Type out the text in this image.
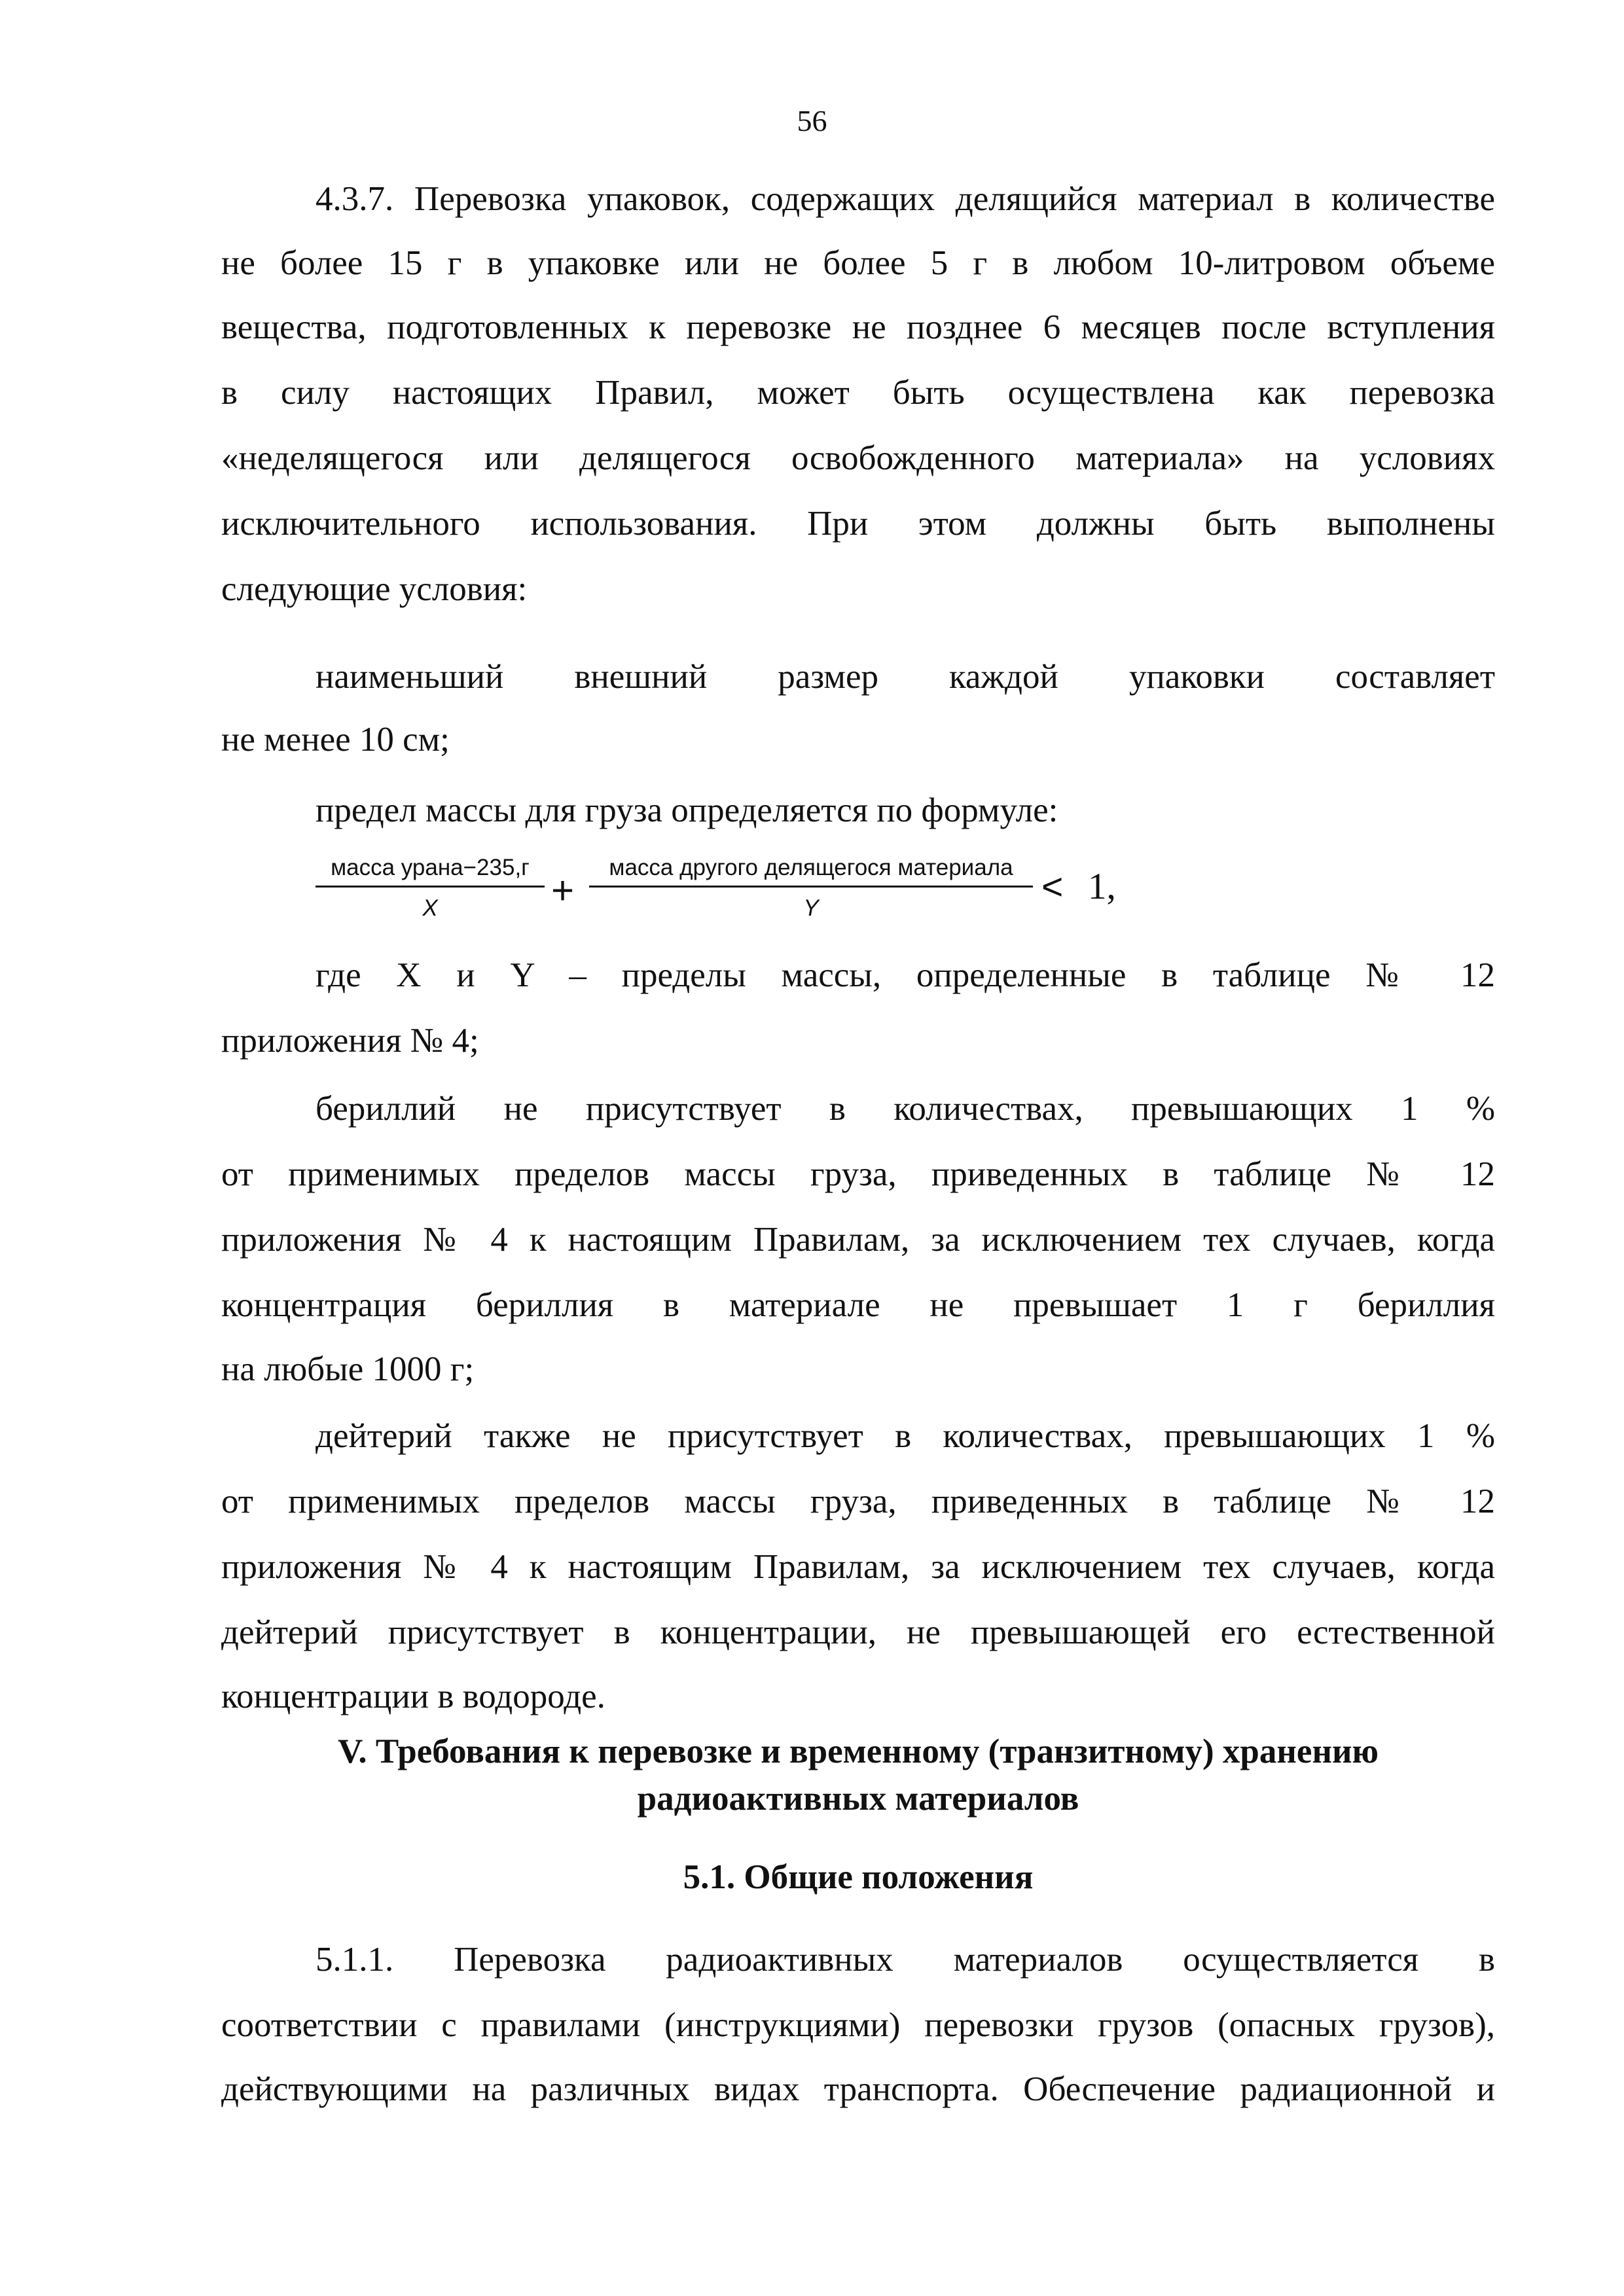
56
4.3.7. Перевозка упаковок, содержащих делящийся материал в количестве
не более 15 г в упаковке или не более 5 г в любом 10-литровом объеме
вещества, подготовленных к перевозке не позднее 6 месяцев после вступления
в силу настоящих Правил, может быть осуществлена как перевозка
«неделящегося или делящегося освобожденного материала» на условиях
исключительного использования. При этом должны быть выполнены
следующие условия:
наименьший внешний размер каждой упаковки составляет
не менее 10 см;
предел массы для груза определяется по формуле:
масса урана−235,г
X	+
масса другого делящегося материала
Y
< 1,
где X и Y – пределы массы, определенные в таблице № 12
приложения № 4;
бериллий не присутствует в количествах, превышающих 1 %
от применимых пределов массы груза, приведенных в таблице № 12
приложения № 4 к настоящим Правилам, за исключением тех случаев, когда
концентрация бериллия в материале не превышает 1 г бериллия
на любые 1000 г;
дейтерий также не присутствует в количествах, превышающих 1 %
от применимых пределов массы груза, приведенных в таблице № 12
приложения № 4 к настоящим Правилам, за исключением тех случаев, когда
дейтерий присутствует в концентрации, не превышающей его естественной
концентрации в водороде.
V. Требования к перевозке и временному (транзитному) хранению
радиоактивных материалов
5.1. Общие положения
5.1.1. Перевозка радиоактивных материалов осуществляется в
соответствии с правилами (инструкциями) перевозки грузов (опасных грузов),
действующими на различных видах транспорта. Обеспечение радиационной и
